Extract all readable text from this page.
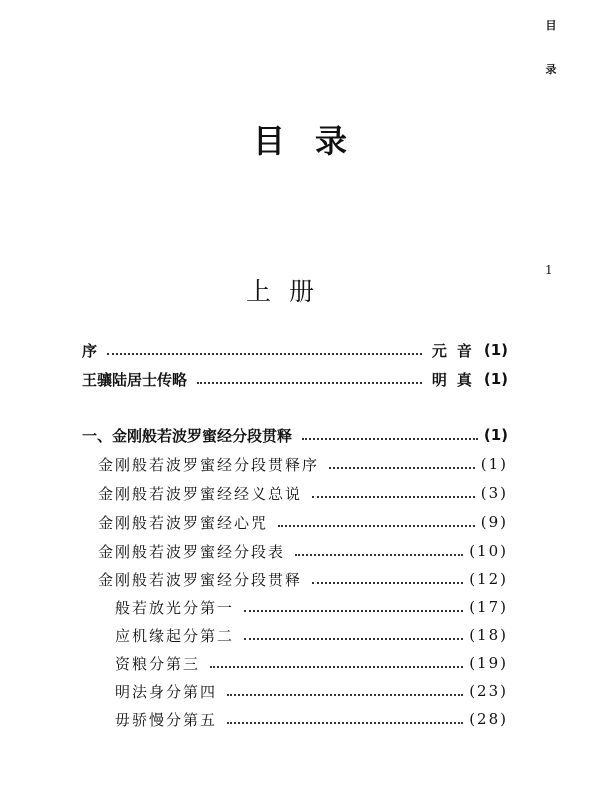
目
录
1
目录
上册
序	元音 (1)
王骧陆居士传略	明真 (1)
一、金刚般若波罗蜜经分段贯释	(1)
金刚般若波罗蜜经分段贯释序	(1)
金刚般若波罗蜜经经义总说	(3)
金刚般若波罗蜜经心咒	(9)
金刚般若波罗蜜经分段表	(10)
金刚般若波罗蜜经分段贯释	(12)
般若放光分第一	(17)
应机缘起分第二	(18)
资粮分第三	(19)
明法身分第四	(23)
毋骄慢分第五	(28)
